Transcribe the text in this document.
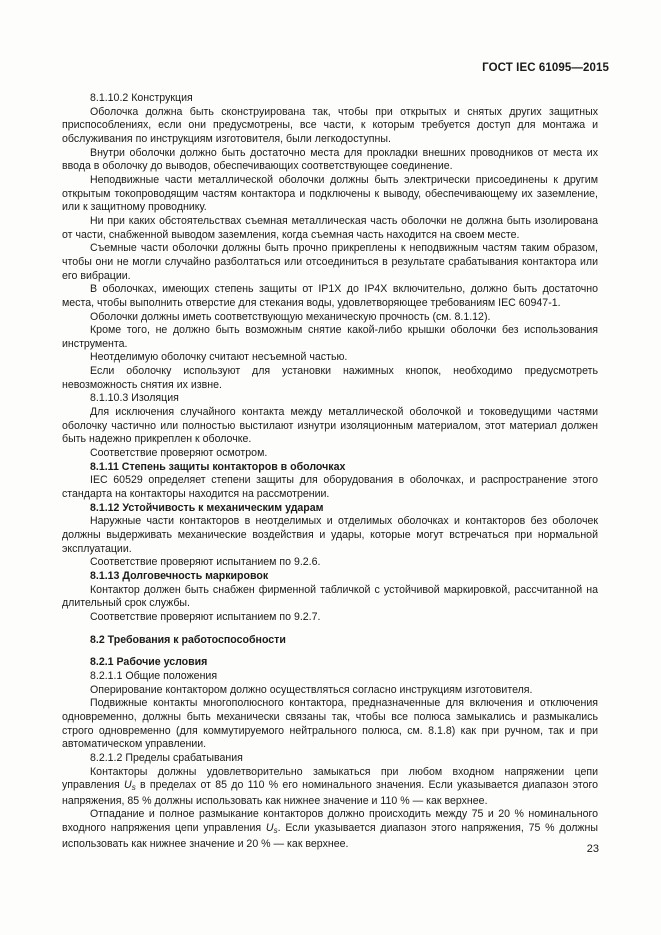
ГОСТ IEC 61095—2015

8.1.10.2 Конструкция

Оболочка должна быть сконструирована так, чтобы при открытых и снятых других защитных приспособлениях, если они предусмотрены, все части, к которым требуется доступ для монтажа и обслуживания по инструкциям изготовителя, были легкодоступны.

Внутри оболочки должно быть достаточно места для прокладки внешних проводников от места их ввода в оболочку до выводов, обеспечивающих соответствующее соединение.

Неподвижные части металлической оболочки должны быть электрически присоединены к другим открытым токопроводящим частям контактора и подключены к выводу, обеспечивающему их заземление, или к защитному проводнику.

Ни при каких обстоятельствах съемная металлическая часть оболочки не должна быть изолирована от части, снабженной выводом заземления, когда съемная часть находится на своем месте.

Съемные части оболочки должны быть прочно прикреплены к неподвижным частям таким образом, чтобы они не могли случайно разболтаться или отсоединиться в результате срабатывания контактора или его вибрации.

В оболочках, имеющих степень защиты от IP1X до IP4X включительно, должно быть достаточно места, чтобы выполнить отверстие для стекания воды, удовлетворяющее требованиям IEC 60947-1.

Оболочки должны иметь соответствующую механическую прочность (см. 8.1.12).

Кроме того, не должно быть возможным снятие какой-либо крышки оболочки без использования инструмента.

Неотделимую оболочку считают несъемной частью.

Если оболочку используют для установки нажимных кнопок, необходимо предусмотреть невозможность снятия их извне.

8.1.10.3 Изоляция

Для исключения случайного контакта между металлической оболочкой и токоведущими частями оболочку частично или полностью выстилают изнутри изоляционным материалом, этот материал должен быть надежно прикреплен к оболочке.

Соответствие проверяют осмотром.

8.1.11 Степень защиты контакторов в оболочках

IEC 60529 определяет степени защиты для оборудования в оболочках, и распространение этого стандарта на контакторы находится на рассмотрении.

8.1.12 Устойчивость к механическим ударам

Наружные части контакторов в неотделимых и отделимых оболочках и контакторов без оболочек должны выдерживать механические воздействия и удары, которые могут встречаться при нормальной эксплуатации.

Соответствие проверяют испытанием по 9.2.6.

8.1.13 Долговечность маркировок

Контактор должен быть снабжен фирменной табличкой с устойчивой маркировкой, рассчитанной на длительный срок службы.

Соответствие проверяют испытанием по 9.2.7.

8.2 Требования к работоспособности

8.2.1 Рабочие условия

8.2.1.1 Общие положения

Оперирование контактором должно осуществляться согласно инструкциям изготовителя.

Подвижные контакты многополюсного контактора, предназначенные для включения и отключения одновременно, должны быть механически связаны так, чтобы все полюса замыкались и размыкались строго одновременно (для коммутируемого нейтрального полюса, см. 8.1.8) как при ручном, так и при автоматическом управлении.

8.2.1.2 Пределы срабатывания

Контакторы должны удовлетворительно замыкаться при любом входном напряжении цепи управления $U_s$ в пределах от 85 до 110 % его номинального значения. Если указывается диапазон этого напряжения, 85 % должны использовать как нижнее значение и 110 % — как верхнее.

Отпадание и полное размыкание контакторов должно происходить между 75 и 20 % номинального входного напряжения цепи управления $U_s$. Если указывается диапазон этого напряжения, 75 % должны использовать как нижнее значение и 20 % — как верхнее.	23
